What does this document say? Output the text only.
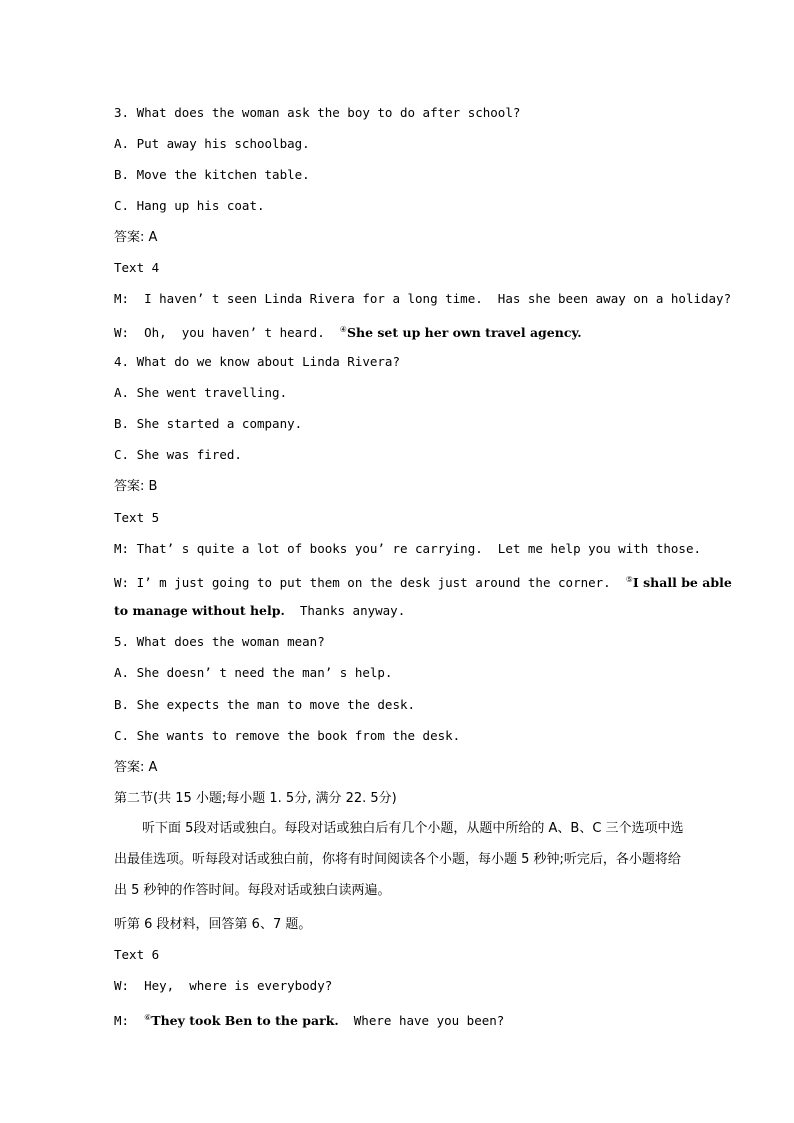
3. What does the woman ask the boy to do after school?
A. Put away his schoolbag.
B. Move the kitchen table.
C. Hang up his coat.
答案: A
Text 4
M:  I haven’ t seen Linda Rivera for a long time.  Has she been away on a holiday?
W:  Oh,  you haven’ t heard.  ④She set up her own travel agency.
4. What do we know about Linda Rivera?
A. She went travelling.
B. She started a company.
C. She was fired.
答案: B
Text 5
M: That’ s quite a lot of books you’ re carrying.  Let me help you with those.
W: I’ m just going to put them on the desk just around the corner.  ⑤I shall be able
to manage without help.  Thanks anyway.
5. What does the woman mean?
A. She doesn’ t need the man’ s help.
B. She expects the man to move the desk.
C. She wants to remove the book from the desk.
答案: A
第二节(共 15 小题;每小题 1. 5分, 满分 22. 5分)
听下面 5段对话或独白。每段对话或独白后有几个小题，从题中所给的 A、B、C 三个选项中选出最佳选项。听每段对话或独白前，你将有时间阅读各个小题，每小题 5 秒钟;听完后，各小题将给出 5 秒钟的作答时间。每段对话或独白读两遍。
听第 6 段材料，回答第 6、7 题。
Text 6
W:  Hey,  where is everybody?
M:  ⑥They took Ben to the park.  Where have you been?
